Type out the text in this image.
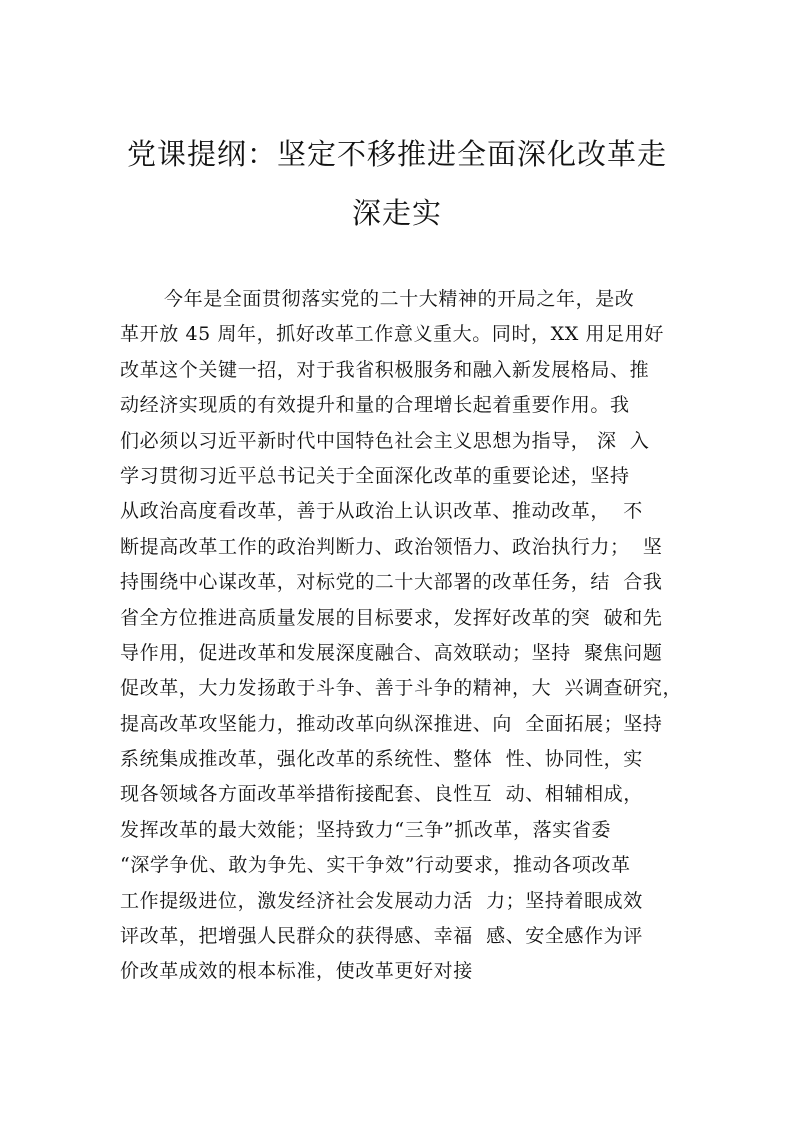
党课提纲：坚定不移推进全面深化改革走
深走实
今年是全面贯彻落实党的二十大精神的开局之年，是改
革开放 45 周年，抓好改革工作意义重大。同时，XX 用足用好
改革这个关键一招，对于我省积极服务和融入新发展格局、推
动经济实现质的有效提升和量的合理增长起着重要作用。我
们必须以习近平新时代中国特色社会主义思想为指导， 深  入
学习贯彻习近平总书记关于全面深化改革的重要论述，坚持
从政治高度看改革，善于从政治上认识改革、推动改革，  不
断提高改革工作的政治判断力、政治领悟力、政治执行力；  坚
持围绕中心谋改革，对标党的二十大部署的改革任务，结  合我
省全方位推进高质量发展的目标要求，发挥好改革的突  破和先
导作用，促进改革和发展深度融合、高效联动；坚持  聚焦问题
促改革，大力发扬敢于斗争、善于斗争的精神，大  兴调查研究，
提高改革攻坚能力，推动改革向纵深推进、向  全面拓展；坚持
系统集成推改革，强化改革的系统性、整体  性、协同性，实
现各领域各方面改革举措衔接配套、良性互  动、相辅相成，
发挥改革的最大效能；坚持致力“三争”抓改革，落实省委
“深学争优、敢为争先、实干争效”行动要求，推动各项改革
工作提级进位，激发经济社会发展动力活  力；坚持着眼成效
评改革，把增强人民群众的获得感、幸福  感、安全感作为评
价改革成效的根本标准，使改革更好对接
